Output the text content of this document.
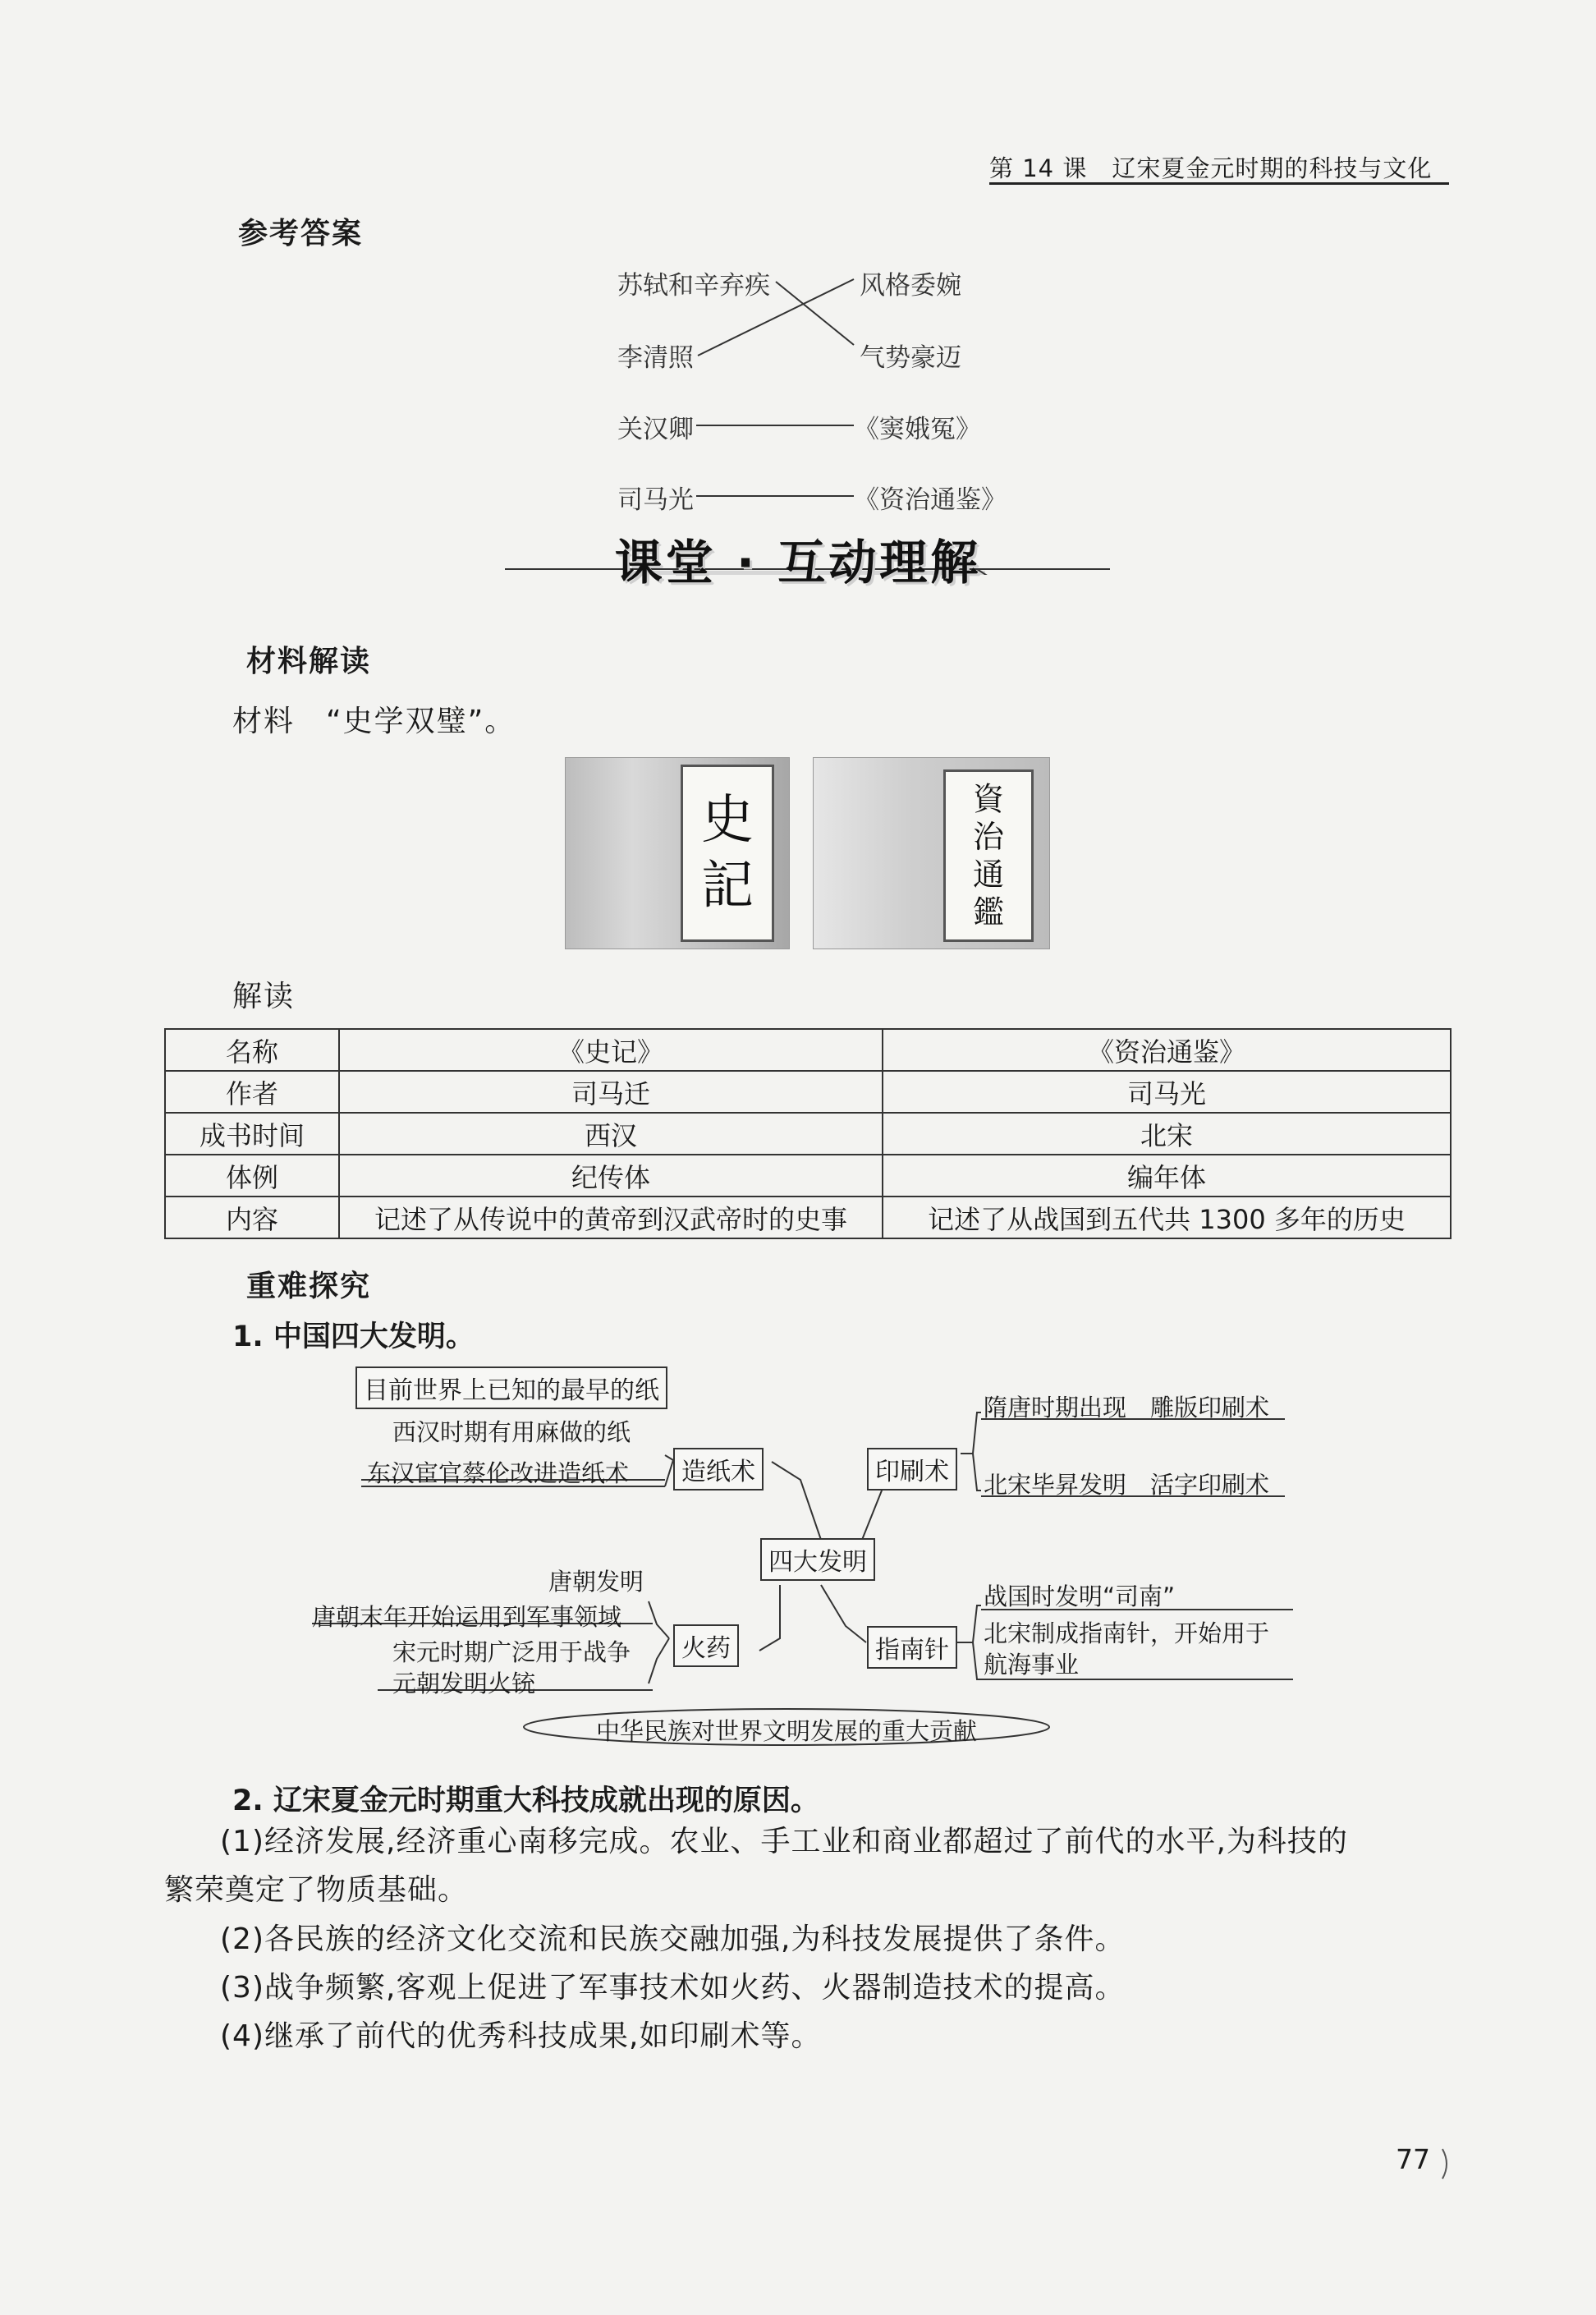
第 14 课　辽宋夏金元时期的科技与文化
参考答案
苏轼和辛弃疾
李清照
关汉卿
司马光
风格委婉
气势豪迈
《窦娥冤》
《资治通鉴》
课堂 · 互动理解
材料解读
材料　“史学双璧”。
史
記
資
治
通
鑑
解读
名称	《史记》	《资治通鉴》
作者	司马迁	司马光
成书时间	西汉	北宋
体例	纪传体	编年体
内容	记述了从传说中的黄帝到汉武帝时的史事	记述了从战国到五代共 1300 多年的历史
重难探究
1. 中国四大发明。
四大发明
目前世界上已知的最早的纸
西汉时期有用麻做的纸
东汉宦官蔡伦改进造纸术	造纸术	印刷术
隋唐时期出现　雕版印刷术
北宋毕昇发明　活字印刷术
唐朝发明
唐朝末年开始运用到军事领域
宋元时期广泛用于战争
元朝发明火铳
火药	指南针
战国时发明“司南”
北宋制成指南针，开始用于
航海事业
中华民族对世界文明发展的重大贡献
2. 辽宋夏金元时期重大科技成就出现的原因。
(1)经济发展,经济重心南移完成。农业、手工业和商业都超过了前代的水平,为科技的
繁荣奠定了物质基础。
(2)各民族的经济文化交流和民族交融加强,为科技发展提供了条件。
(3)战争频繁,客观上促进了军事技术如火药、火器制造技术的提高。
(4)继承了前代的优秀科技成果,如印刷术等。
77
